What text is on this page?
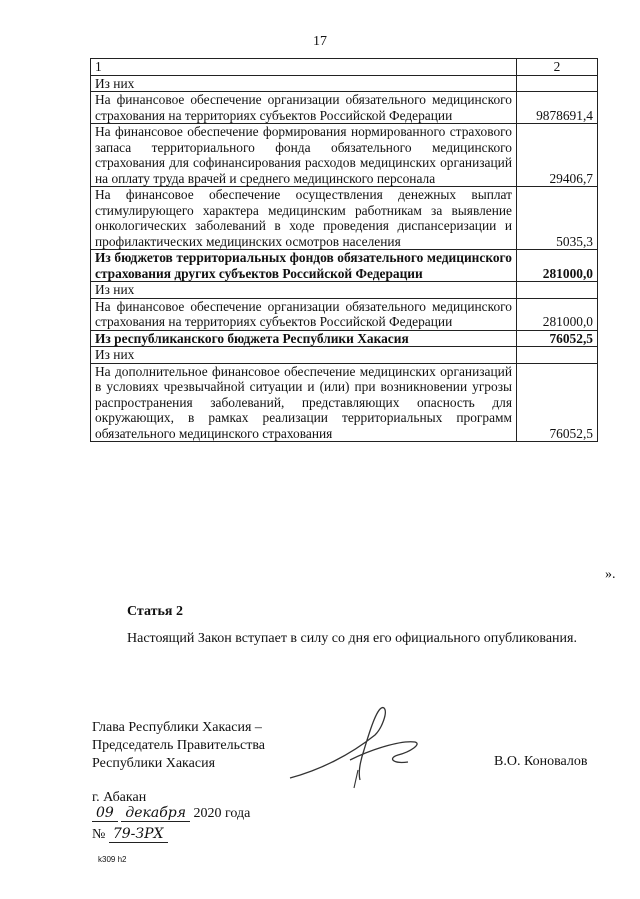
17
1	2
Из них	
На финансовое обеспечение организации обязательного медицинского страхования на территориях субъектов Российской Федерации	9878691,4
На финансовое обеспечение формирования нормированного страхового запаса территориального фонда обязательного медицинского страхования для софинансирования расходов медицинских организаций на оплату труда врачей и среднего медицинского персонала	29406,7
На финансовое обеспечение осуществления денежных выплат стимулирующего характера медицинским работникам за выявление онкологических заболеваний в ходе проведения диспансеризации и профилактических медицинских осмотров населения	5035,3
Из бюджетов территориальных фондов обязательного медицинского страхования других субъектов Российской Федерации	281000,0
Из них	
На финансовое обеспечение организации обязательного медицинского страхования на территориях субъектов Российской Федерации	281000,0
Из республиканского бюджета Республики Хакасия	76052,5
Из них	
На дополнительное финансовое обеспечение медицинских организаций в условиях чрезвычайной ситуации и (или) при возникновении угрозы распространения заболеваний, представляющих опасность для окружающих, в рамках реализации территориальных программ обязательного медицинского страхования	76052,5
».
Статья 2
Настоящий Закон вступает в силу со дня его официального опубликования.
Глава Республики Хакасия –
Председатель Правительства
Республики Хакасия	В.О. Коновалов
г. Абакан
09 декабря 2020 года
№ 79-ЗРХ
k309 h2
